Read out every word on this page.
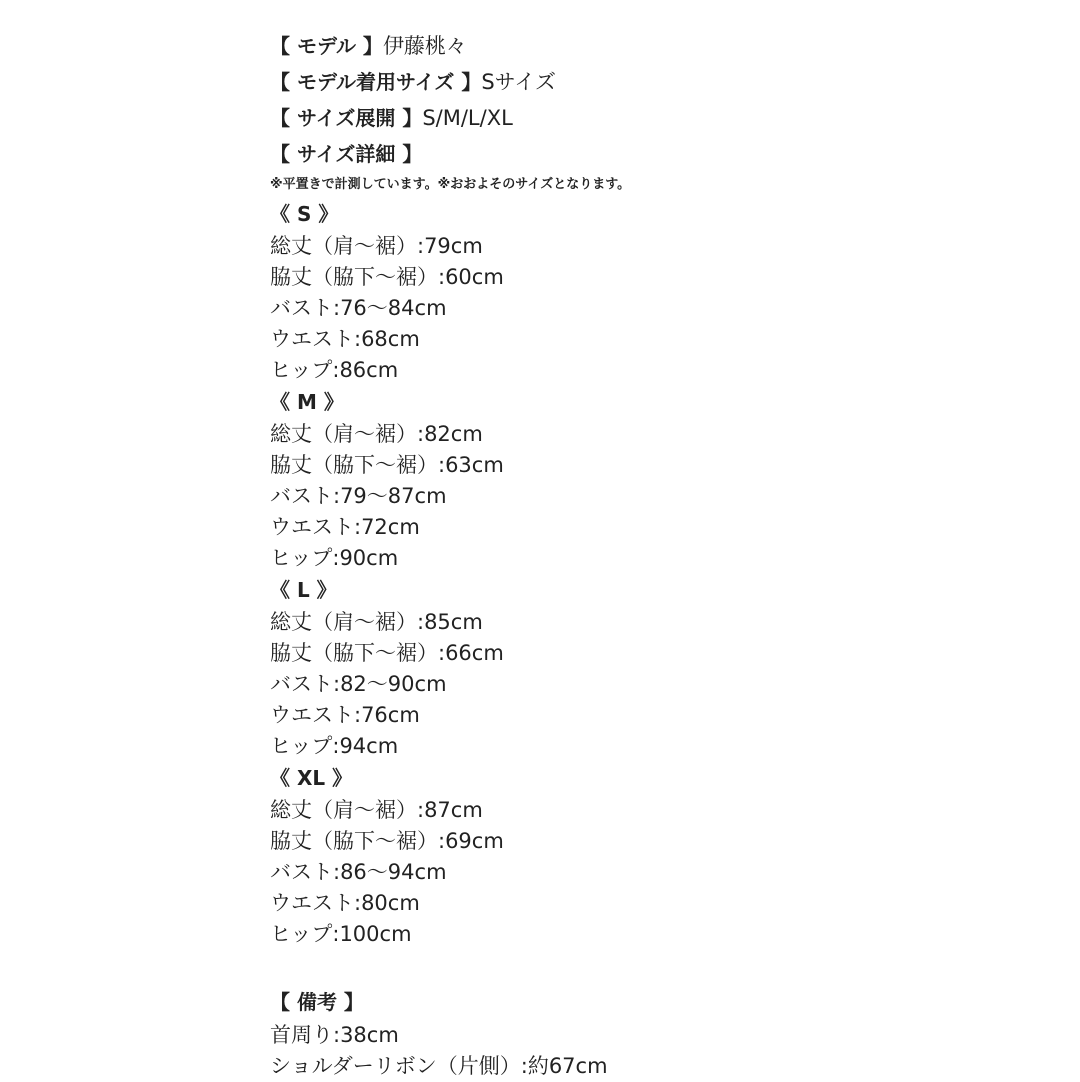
【 モデル 】伊藤桃々
【 モデル着用サイズ 】Sサイズ
【 サイズ展開 】S/M/L/XL
【 サイズ詳細 】
※平置きで計測しています。※おおよそのサイズとなります。
《 S 》
総丈（肩〜裾）:79cm
脇丈（脇下〜裾）:60cm
バスト:76〜84cm
ウエスト:68cm
ヒップ:86cm
《 M 》
総丈（肩〜裾）:82cm
脇丈（脇下〜裾）:63cm
バスト:79〜87cm
ウエスト:72cm
ヒップ:90cm
《 L 》
総丈（肩〜裾）:85cm
脇丈（脇下〜裾）:66cm
バスト:82〜90cm
ウエスト:76cm
ヒップ:94cm
《 XL 》
総丈（肩〜裾）:87cm
脇丈（脇下〜裾）:69cm
バスト:86〜94cm
ウエスト:80cm
ヒップ:100cm
【 備考 】
首周り:38cm
ショルダーリボン（片側）:約67cm
